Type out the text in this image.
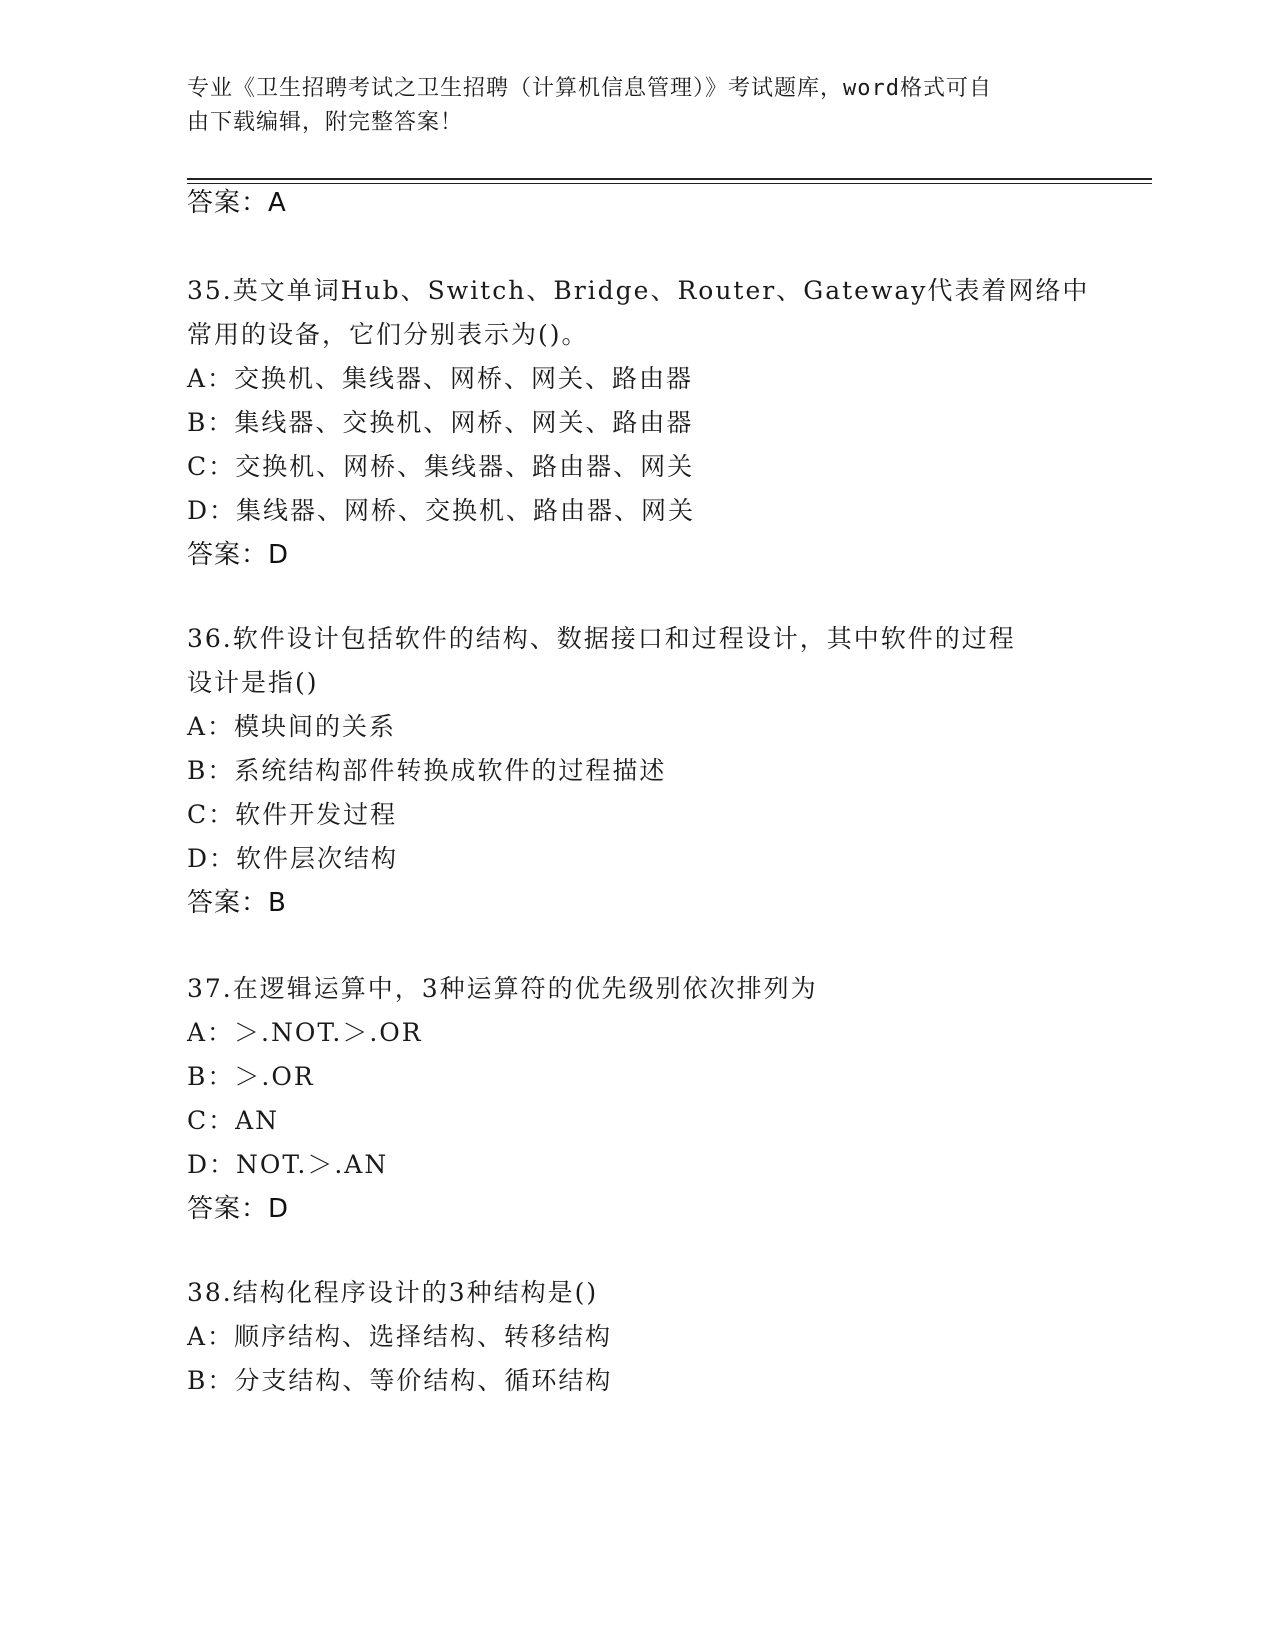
专业《卫生招聘考试之卫生招聘（计算机信息管理）》考试题库，word格式可自
由下载编辑，附完整答案！
答案：A
35.英文单词Hub、Switch、Bridge、Router、Gateway代表着网络中
常用的设备，它们分别表示为()。
A：交换机、集线器、网桥、网关、路由器
B：集线器、交换机、网桥、网关、路由器
C：交换机、网桥、集线器、路由器、网关
D：集线器、网桥、交换机、路由器、网关
答案：D
36.软件设计包括软件的结构、数据接口和过程设计，其中软件的过程
设计是指()
A：模块间的关系
B：系统结构部件转换成软件的过程描述
C：软件开发过程
D：软件层次结构
答案：B
37.在逻辑运算中，3种运算符的优先级别依次排列为
A：＞.NOT.＞.OR
B：＞.OR
C：AN
D：NOT.＞.AN
答案：D
38.结构化程序设计的3种结构是()
A：顺序结构、选择结构、转移结构
B：分支结构、等价结构、循环结构
